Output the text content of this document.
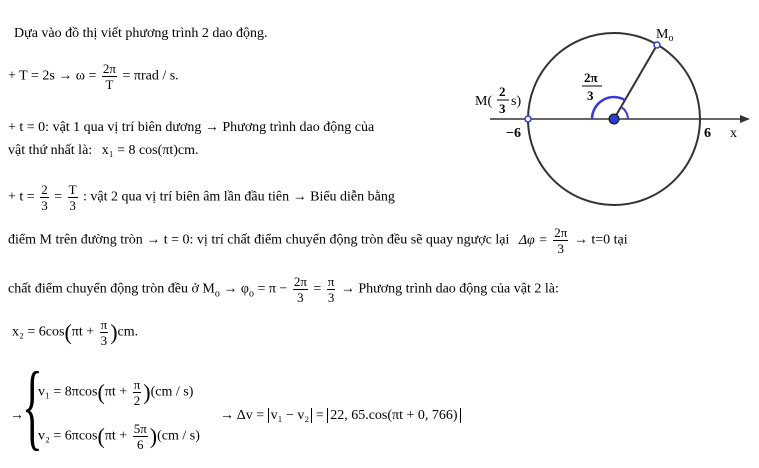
Dựa vào đồ thị viết phương trình 2 dao động.
+ $T = 2s \to \omega = \frac{2\pi}{T} = \pi rad / s$.
+ t = 0: vật 1 qua vị trí biên dương → Phương trình dao động của
vật thứ nhất là: x₁ = 8 cos(πt)cm.
+ $t = \frac{2}{3} = \frac{T}{3}$ : vật 2 qua vị trí biên âm lần đầu tiên → Biểu diễn bằng
điểm M trên đường tròn → t = 0: vị trí chất điểm chuyển động tròn đều sẽ quay ngược lại $\Delta\varphi = \frac{2\pi}{3} \to t=0$ tại
chất điểm chuyển động tròn đều ở $M_o \to \varphi_o = \pi - \frac{2\pi}{3} = \frac{\pi}{3}$ → Phương trình dao động của vật 2 là:
$x_2 = 6\cos(\pi t + \frac{\pi}{3} )cm$.
→
{
$v_1 = 8\pi\cos(\pi t + \frac{\pi}{2} )(cm / s)$
$v_2 = 6\pi\cos(\pi t + \frac{5\pi}{6} )(cm / s)$
→ Δv = v₁ − v₂ = 22, 65.cos(πt + 0, 766)
$M_o$
M(
2
3 s)
2π
3
−6	6 x
